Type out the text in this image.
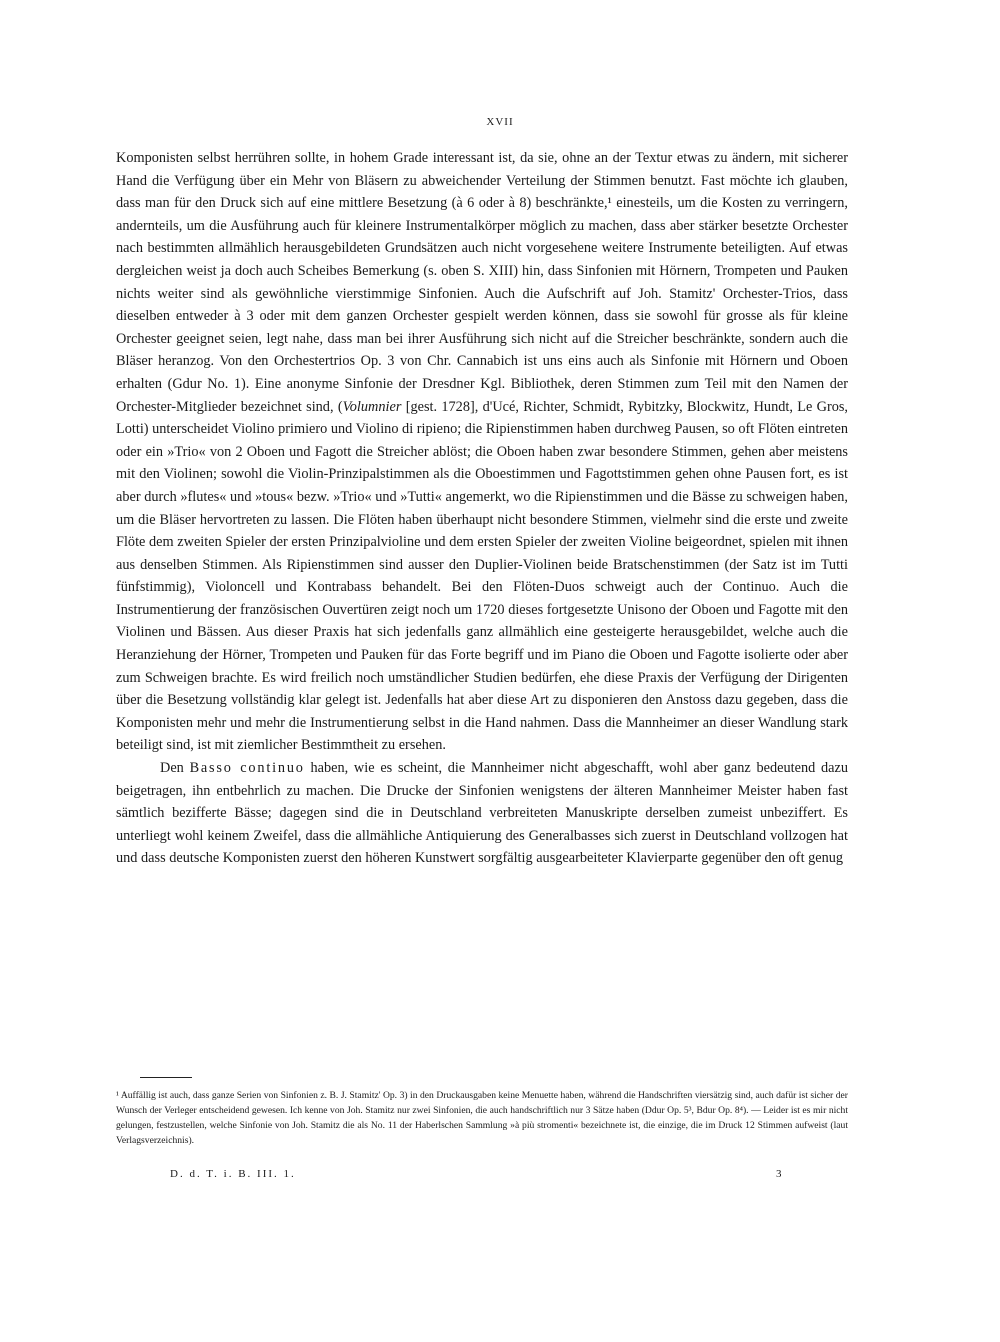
XVII

Komponisten selbst herrühren sollte, in hohem Grade interessant ist, da sie, ohne an der Textur etwas zu ändern, mit sicherer Hand die Verfügung über ein Mehr von Bläsern zu abweichender Verteilung der Stimmen benutzt. Fast möchte ich glauben, dass man für den Druck sich auf eine mittlere Besetzung (à 6 oder à 8) beschränkte,¹ einesteils, um die Kosten zu verringern, andernteils, um die Ausführung auch für kleinere Instrumentalkörper möglich zu machen, dass aber stärker besetzte Orchester nach bestimmten allmählich herausgebildeten Grundsätzen auch nicht vorgesehene weitere Instrumente beteiligten. Auf etwas dergleichen weist ja doch auch Scheibes Bemerkung (s. oben S. XIII) hin, dass Sinfonien mit Hörnern, Trompeten und Pauken nichts weiter sind als gewöhnliche vierstimmige Sinfonien. Auch die Aufschrift auf Joh. Stamitz' Orchester-Trios, dass dieselben entweder à 3 oder mit dem ganzen Orchester gespielt werden können, dass sie sowohl für grosse als für kleine Orchester geeignet seien, legt nahe, dass man bei ihrer Ausführung sich nicht auf die Streicher beschränkte, sondern auch die Bläser heranzog. Von den Orchestertrios Op. 3 von Chr. Cannabich ist uns eins auch als Sinfonie mit Hörnern und Oboen erhalten (Gdur No. 1). Eine anonyme Sinfonie der Dresdner Kgl. Bibliothek, deren Stimmen zum Teil mit den Namen der Orchester-Mitglieder bezeichnet sind, (Volumnier [gest. 1728], d'Ucé, Richter, Schmidt, Rybitzky, Blockwitz, Hundt, Le Gros, Lotti) unterscheidet Violino primiero und Violino di ripieno; die Ripienstimmen haben durchweg Pausen, so oft Flöten eintreten oder ein »Trio« von 2 Oboen und Fagott die Streicher ablöst; die Oboen haben zwar besondere Stimmen, gehen aber meistens mit den Violinen; sowohl die Violin-Prinzipalstimmen als die Oboestimmen und Fagottstimmen gehen ohne Pausen fort, es ist aber durch »flutes« und »tous« bezw. »Trio« und »Tutti« angemerkt, wo die Ripienstimmen und die Bässe zu schweigen haben, um die Bläser hervortreten zu lassen. Die Flöten haben überhaupt nicht besondere Stimmen, vielmehr sind die erste und zweite Flöte dem zweiten Spieler der ersten Prinzipalvioline und dem ersten Spieler der zweiten Violine beigeordnet, spielen mit ihnen aus denselben Stimmen. Als Ripienstimmen sind ausser den Duplier-Violinen beide Bratschenstimmen (der Satz ist im Tutti fünfstimmig), Violoncell und Kontrabass behandelt. Bei den Flöten-Duos schweigt auch der Continuo. Auch die Instrumentierung der französischen Ouvertüren zeigt noch um 1720 dieses fortgesetzte Unisono der Oboen und Fagotte mit den Violinen und Bässen. Aus dieser Praxis hat sich jedenfalls ganz allmählich eine gesteigerte herausgebildet, welche auch die Heranziehung der Hörner, Trompeten und Pauken für das Forte begriff und im Piano die Oboen und Fagotte isolierte oder aber zum Schweigen brachte. Es wird freilich noch umständlicher Studien bedürfen, ehe diese Praxis der Verfügung der Dirigenten über die Besetzung vollständig klar gelegt ist. Jedenfalls hat aber diese Art zu disponieren den Anstoss dazu gegeben, dass die Komponisten mehr und mehr die Instrumentierung selbst in die Hand nahmen. Dass die Mannheimer an dieser Wandlung stark beteiligt sind, ist mit ziemlicher Bestimmtheit zu ersehen.

Den Basso continuo haben, wie es scheint, die Mannheimer nicht abgeschafft, wohl aber ganz bedeutend dazu beigetragen, ihn entbehrlich zu machen. Die Drucke der Sinfonien wenigstens der älteren Mannheimer Meister haben fast sämtlich bezifferte Bässe; dagegen sind die in Deutschland verbreiteten Manuskripte derselben zumeist unbeziffert. Es unterliegt wohl keinem Zweifel, dass die allmähliche Antiquierung des Generalbasses sich zuerst in Deutschland vollzogen hat und dass deutsche Komponisten zuerst den höheren Kunstwert sorgfältig ausgearbeiteter Klavierparte gegenüber den oft genug

¹ Auffällig ist auch, dass ganze Serien von Sinfonien z. B. J. Stamitz' Op. 3) in den Druckausgaben keine Menuette haben, während die Handschriften viersätzig sind, auch dafür ist sicher der Wunsch der Verleger entscheidend gewesen. Ich kenne von Joh. Stamitz nur zwei Sinfonien, die auch handschriftlich nur 3 Sätze haben (Ddur Op. 5³, Bdur Op. 8⁴). — Leider ist es mir nicht gelungen, festzustellen, welche Sinfonie von Joh. Stamitz die als No. 11 der Haberlschen Sammlung »à più stromenti« bezeichnete ist, die einzige, die im Druck 12 Stimmen aufweist (laut Verlagsverzeichnis).

D. d. T. i. B. III. 1.	3
